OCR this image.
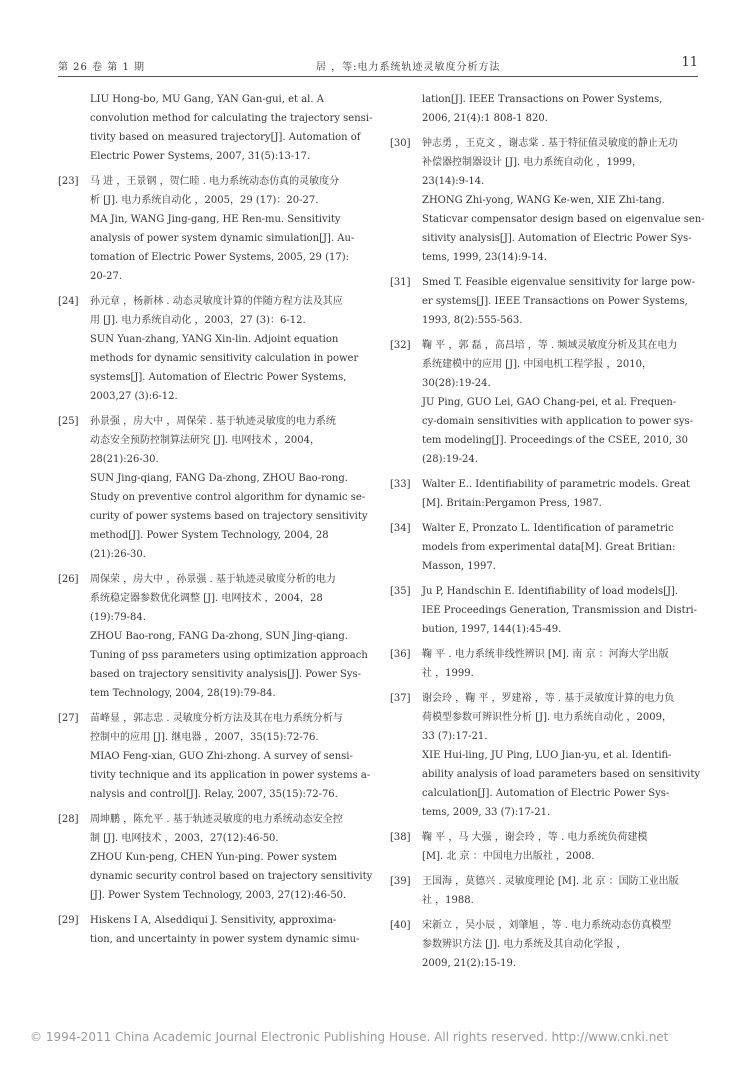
第 26 卷 第 1 期	居 ，等:电力系统轨迹灵敏度分析方法	11
LIU Hong-bo, MU Gang, YAN Gan-gui, et al. A
convolution method for calculating the trajectory sensi-
tivity based on measured trajectory[J]. Automation of
Electric Power Systems, 2007, 31(5):13-17.
[23] 马 进 ，王景钢 ，贺仁睦 . 电力系统动态仿真的灵敏度分
析 [J]. 电力系统自动化 ，2005，29 (17)：20-27.
MA Jin, WANG Jing-gang, HE Ren-mu. Sensitivity
analysis of power system dynamic simulation[J]. Au-
tomation of Electric Power Systems, 2005, 29 (17):
20-27.
[24] 孙元章 ，杨新林 . 动态灵敏度计算的伴随方程方法及其应
用 [J]. 电力系统自动化 ，2003，27 (3)：6-12.
SUN Yuan-zhang, YANG Xin-lin. Adjoint equation
methods for dynamic sensitivity calculation in power
systems[J]. Automation of Electric Power Systems,
2003,27 (3):6-12.
[25] 孙景强 ，房大中 ，周保荣 . 基于轨迹灵敏度的电力系统
动态安全预防控制算法研究 [J]. 电网技术 ，2004，
28(21):26-30.
SUN Jing-qiang, FANG Da-zhong, ZHOU Bao-rong.
Study on preventive control algorithm for dynamic se-
curity of power systems based on trajectory sensitivity
method[J]. Power System Technology, 2004, 28
(21):26-30.
[26] 周保荣 ，房大中 ，孙景强 . 基于轨迹灵敏度分析的电力
系统稳定器参数优化调整 [J]. 电网技术 ，2004，28
(19):79-84.
ZHOU Bao-rong, FANG Da-zhong, SUN Jing-qiang.
Tuning of pss parameters using optimization approach
based on trajectory sensitivity analysis[J]. Power Sys-
tem Technology, 2004, 28(19):79-84.
[27] 苗峰显 ，郭志忠 . 灵敏度分析方法及其在电力系统分析与
控制中的应用 [J]. 继电器 ，2007，35(15):72-76.
MIAO Feng-xian, GUO Zhi-zhong. A survey of sensi-
tivity technique and its application in power systems a-
nalysis and control[J]. Relay, 2007, 35(15):72-76.
[28] 周坤鹏 ，陈允平 . 基于轨迹灵敏度的电力系统动态安全控
制 [J]. 电网技术 ，2003，27(12):46-50.
ZHOU Kun-peng, CHEN Yun-ping. Power system
dynamic security control based on trajectory sensitivity
[J]. Power System Technology, 2003, 27(12):46-50.
[29] Hiskens I A, Alseddiqui J. Sensitivity, approxima-
tion, and uncertainty in power system dynamic simu-
lation[J]. IEEE Transactions on Power Systems,
2006, 21(4):1 808-1 820.
[30] 钟志勇 ，王克文 ，谢志棠 . 基于特征值灵敏度的静止无功
补偿器控制器设计 [J]. 电力系统自动化 ，1999，
23(14):9-14.
ZHONG Zhi-yong, WANG Ke-wen, XIE Zhi-tang.
Staticvar compensator design based on eigenvalue sen-
sitivity analysis[J]. Automation of Electric Power Sys-
tems, 1999, 23(14):9-14.
[31] Smed T. Feasible eigenvalue sensitivity for large pow-
er systems[J]. IEEE Transactions on Power Systems,
1993, 8(2):555-563.
[32] 鞠 平 ，郭 磊 ，高昌培 ，等 . 频域灵敏度分析及其在电力
系统建模中的应用 [J]. 中国电机工程学报 ，2010，
30(28):19-24.
JU Ping, GUO Lei, GAO Chang-pei, et al. Frequen-
cy-domain sensitivities with application to power sys-
tem modeling[J]. Proceedings of the CSEE, 2010, 30
(28):19-24.
[33] Walter E.. Identifiability of parametric models. Great
[M]. Britain:Pergamon Press, 1987.
[34] Walter E, Pronzato L. Identification of parametric
models from experimental data[M]. Great Britian:
Masson, 1997.
[35] Ju P, Handschin E. Identifiability of load models[J].
IEE Proceedings Generation, Transmission and Distri-
bution, 1997, 144(1):45-49.
[36] 鞠 平 . 电力系统非线性辨识 [M]. 南 京 ：河海大学出版
社 ，1999.
[37] 谢会玲 ，鞠 平 ，罗建裕 ，等 . 基于灵敏度计算的电力负
荷模型参数可辨识性分析 [J]. 电力系统自动化 ，2009，
33 (7):17-21.
XIE Hui-ling, JU Ping, LUO Jian-yu, et al. Identifi-
ability analysis of load parameters based on sensitivity
calculation[J]. Automation of Electric Power Sys-
tems, 2009, 33 (7):17-21.
[38] 鞠 平 ，马 大强 ，谢会玲 ，等 . 电力系统负荷建模
[M]. 北 京 ：中国电力出版社 ，2008.
[39] 王国海 ，莫德兴 . 灵敏度理论 [M]. 北 京 ：国防工业出版
社 ，1988.
[40] 宋新立 ，吴小辰 ，刘肇旭 ，等 . 电力系统动态仿真模型
参数辨识方法 [J]. 电力系统及其自动化学报 ，
2009, 21(2):15-19.
© 1994-2011 China Academic Journal Electronic Publishing House. All rights reserved. http://www.cnki.net
